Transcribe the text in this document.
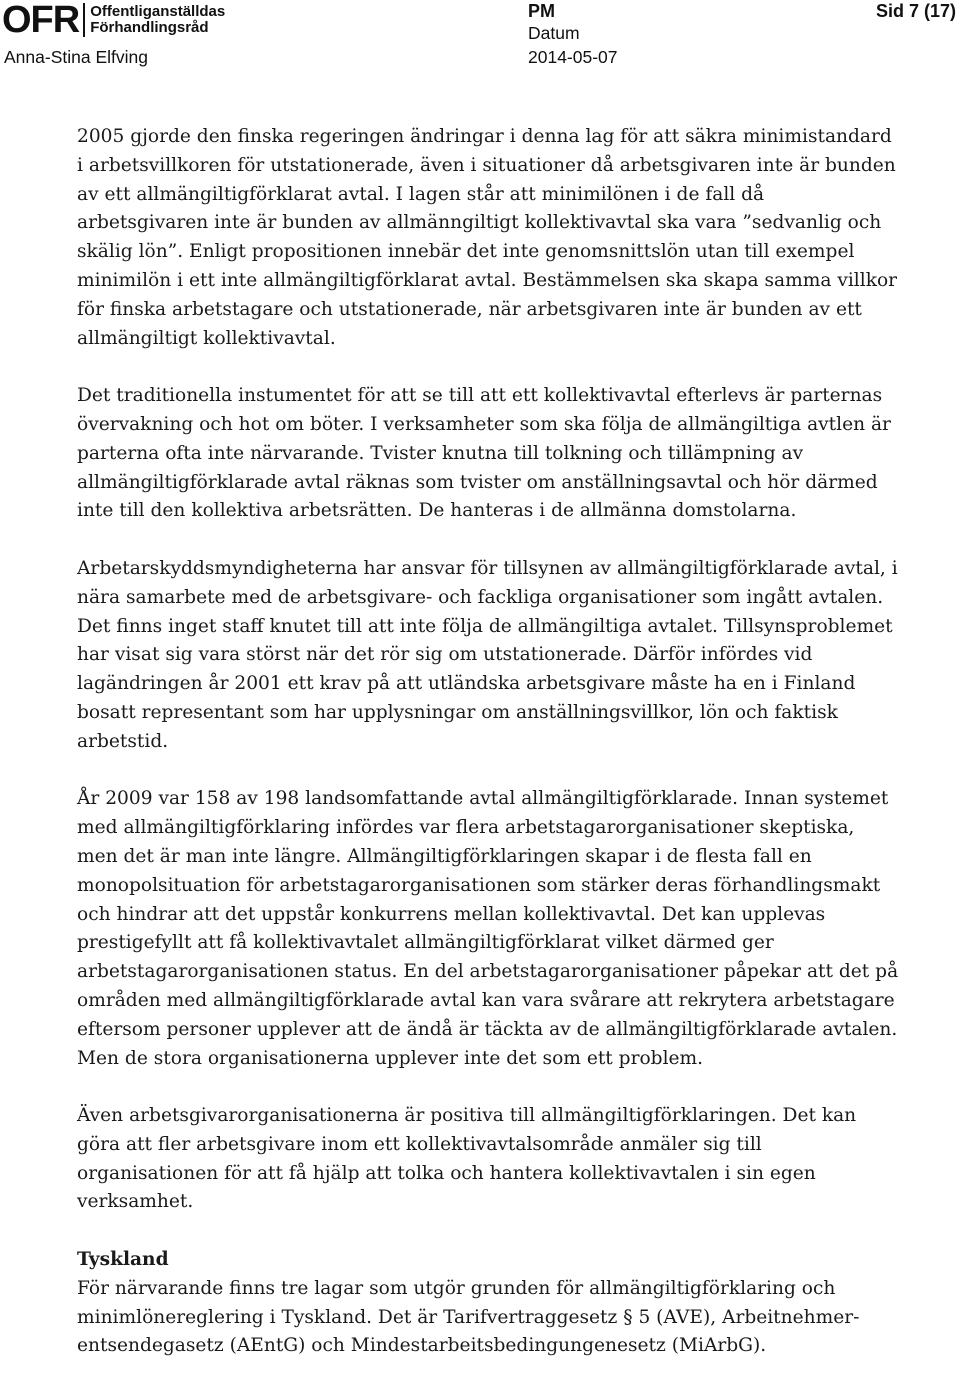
OFR Offentliganställdas
Förhandlingsråd
Anna-Stina Elfving
PM
Datum
2014-05-07
Sid 7 (17)

2005 gjorde den finska regeringen ändringar i denna lag för att säkra minimistandard i arbetsvillkoren för utstationerade, även i situationer då arbetsgivaren inte är bunden av ett allmängiltigförklarat avtal. I lagen står att minimilönen i de fall då arbetsgivaren inte är bunden av allmänngiltigt kollektivavtal ska vara ”sedvanlig och skälig lön”. Enligt propositionen innebär det inte genomsnittslön utan till exempel minimilön i ett inte allmängiltigförklarat avtal. Bestämmelsen ska skapa samma villkor för finska arbetstagare och utstationerade, när arbetsgivaren inte är bunden av ett allmängiltigt kollektivavtal.

Det traditionella instumentet för att se till att ett kollektivavtal efterlevs är parternas övervakning och hot om böter. I verksamheter som ska följa de allmängiltiga avtlen är parterna ofta inte närvarande. Tvister knutna till tolkning och tillämpning av allmängiltigförklarade avtal räknas som tvister om anställningsavtal och hör därmed inte till den kollektiva arbetsrätten. De hanteras i de allmänna domstolarna.

Arbetarskyddsmyndigheterna har ansvar för tillsynen av allmängiltigförklarade avtal, i nära samarbete med de arbetsgivare- och fackliga organisationer som ingått avtalen. Det finns inget staff knutet till att inte följa de allmängiltiga avtalet. Tillsynsproblemet har visat sig vara störst när det rör sig om utstationerade. Därför infördes vid lagändringen år 2001 ett krav på att utländska arbetsgivare måste ha en i Finland bosatt representant som har upplysningar om anställningsvillkor, lön och faktisk arbetstid.

År 2009 var 158 av 198 landsomfattande avtal allmängiltigförklarade. Innan systemet med allmängiltigförklaring infördes var flera arbetstagarorganisationer skeptiska, men det är man inte längre. Allmängiltigförklaringen skapar i de flesta fall en monopolsituation för arbetstagarorganisationen som stärker deras förhandlingsmakt och hindrar att det uppstår konkurrens mellan kollektivavtal. Det kan upplevas prestigefyllt att få kollektivavtalet allmängiltigförklarat vilket därmed ger arbetstagarorganisationen status. En del arbetstagarorganisationer påpekar att det på områden med allmängiltigförklarade avtal kan vara svårare att rekrytera arbetstagare eftersom personer upplever att de ändå är täckta av de allmängiltigförklarade avtalen. Men de stora organisationerna upplever inte det som ett problem.

Även arbetsgivarorganisationerna är positiva till allmängiltigförklaringen. Det kan göra att fler arbetsgivare inom ett kollektivavtalsområde anmäler sig till organisationen för att få hjälp att tolka och hantera kollektivavtalen i sin egen verksamhet.

Tyskland

För närvarande finns tre lagar som utgör grunden för allmängiltigförklaring och minimlönereglering i Tyskland. Det är Tarifvertraggesetz § 5 (AVE), Arbeitnehmerentsendegasetz (AEntG) och Mindestarbeitsbedingungenesetz (MiArbG).
